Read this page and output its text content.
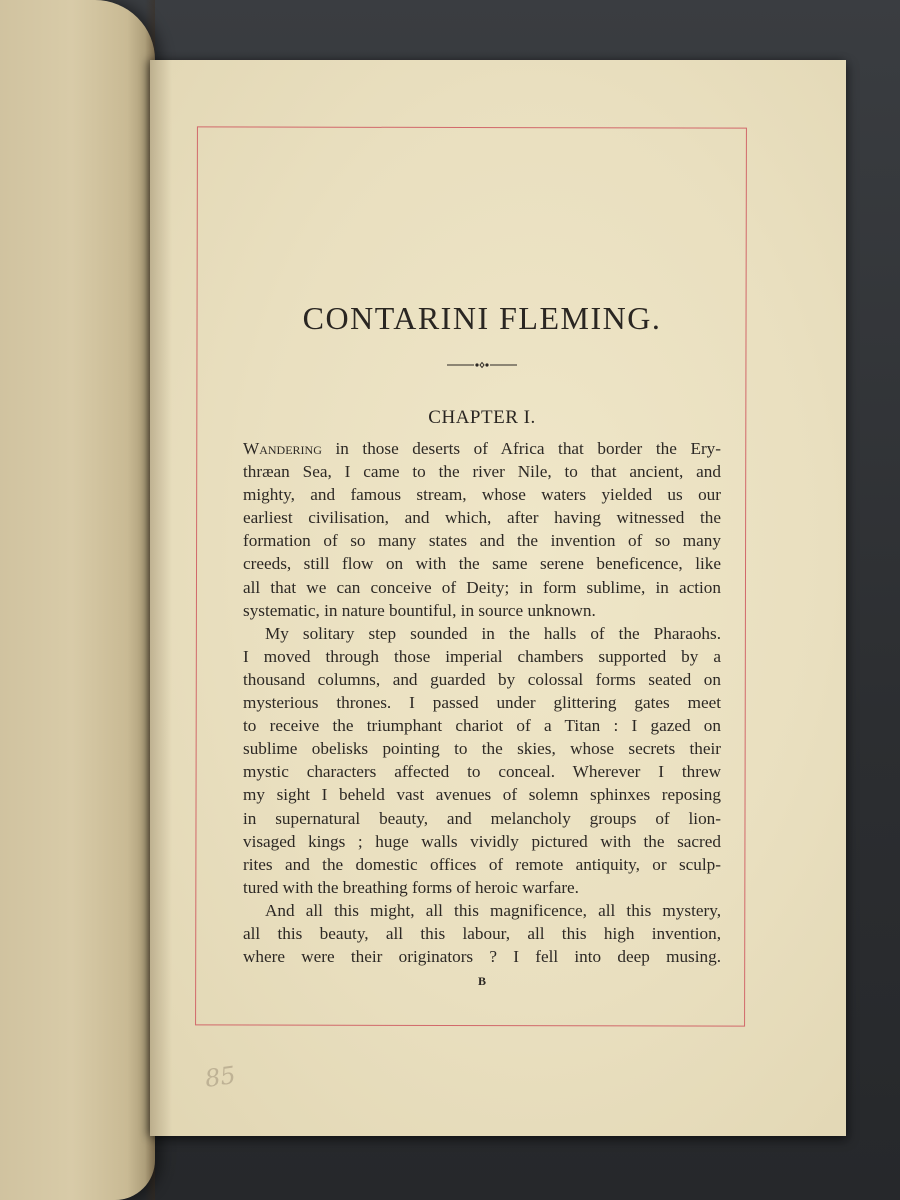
CONTARINI FLEMING.
CHAPTER I.
Wandering in those deserts of Africa that border the Ery-
thræan Sea, I came to the river Nile, to that ancient, and
mighty, and famous stream, whose waters yielded us our
earliest civilisation, and which, after having witnessed the
formation of so many states and the invention of so many
creeds, still flow on with the same serene beneficence, like
all that we can conceive of Deity; in form sublime, in action
systematic, in nature bountiful, in source unknown.
My solitary step sounded in the halls of the Pharaohs.
I moved through those imperial chambers supported by a
thousand columns, and guarded by colossal forms seated on
mysterious thrones. I passed under glittering gates meet
to receive the triumphant chariot of a Titan : I gazed on
sublime obelisks pointing to the skies, whose secrets their
mystic characters affected to conceal. Wherever I threw
my sight I beheld vast avenues of solemn sphinxes reposing
in supernatural beauty, and melancholy groups of lion-
visaged kings ; huge walls vividly pictured with the sacred
rites and the domestic offices of remote antiquity, or sculp-
tured with the breathing forms of heroic warfare.
And all this might, all this magnificence, all this mystery,
all this beauty, all this labour, all this high invention,
where were their originators ? I fell into deep musing.
B
85
